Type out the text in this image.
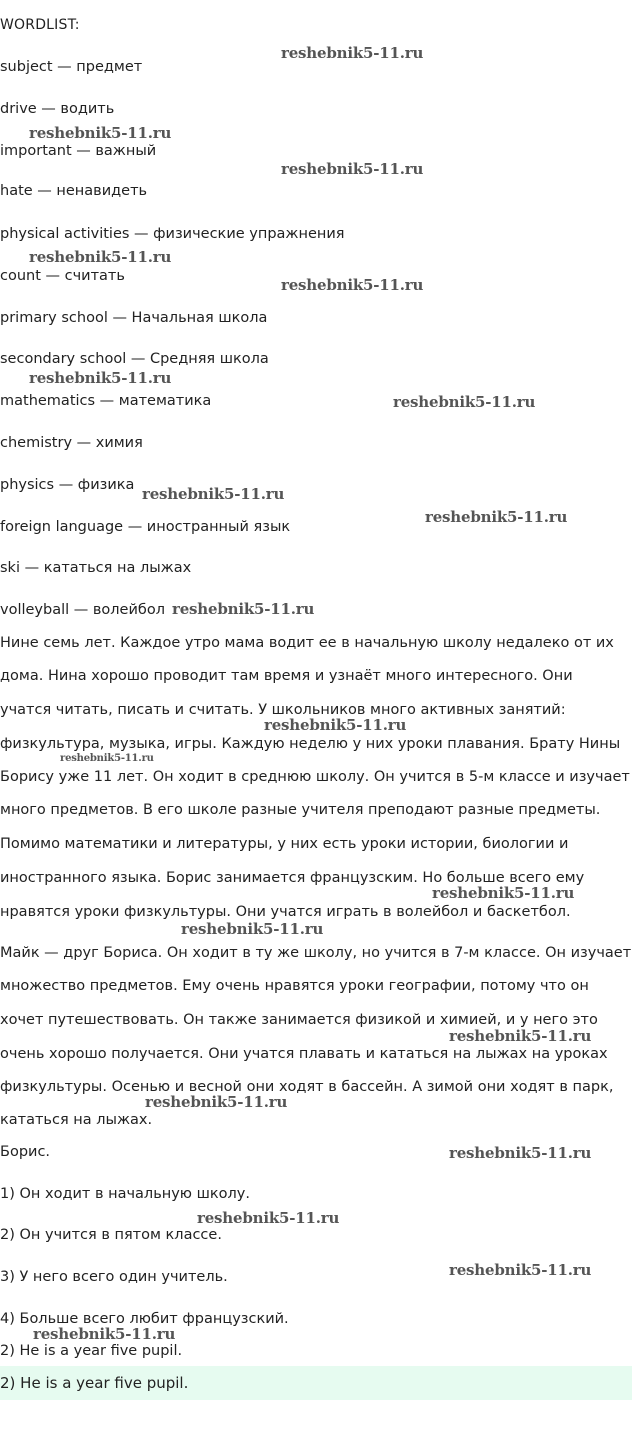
WORDLIST:
subject — предмет
drive — водить
important — важный
hate — ненавидеть
physical activities — физические упражнения
count — считать
primary school — Начальная школа
secondary school — Средняя школа
mathematics — математика
chemistry — химия
physics — физика
foreign language — иностранный язык
ski — кататься на лыжах
volleyball — волейбол
Нине семь лет. Каждое утро мама водит ее в начальную школу недалеко от их
дома. Нина хорошо проводит там время и узнаёт много интересного. Они
учатся читать, писать и считать. У школьников много активных занятий:
физкультура, музыка, игры. Каждую неделю у них уроки плавания. Брату Нины
Борису уже 11 лет. Он ходит в среднюю школу. Он учится в 5-м классе и изучает
много предметов. В его школе разные учителя преподают разные предметы.
Помимо математики и литературы, у них есть уроки истории, биологии и
иностранного языка. Борис занимается французским. Но больше всего ему
нравятся уроки физкультуры. Они учатся играть в волейбол и баскетбол.
Майк — друг Бориса. Он ходит в ту же школу, но учится в 7-м классе. Он изучает
множество предметов. Ему очень нравятся уроки географии, потому что он
хочет путешествовать. Он также занимается физикой и химией, и у него это
очень хорошо получается. Они учатся плавать и кататься на лыжах на уроках
физкультуры. Осенью и весной они ходят в бассейн. А зимой они ходят в парк,
кататься на лыжах.
Борис.
1) Он ходит в начальную школу.
2) Он учится в пятом классе.
3) У него всего один учитель.
4) Больше всего любит французский.
2) He is a year five pupil.
2) He is a year five pupil.
reshebnik5-11.ru
reshebnik5-11.ru
reshebnik5-11.ru
reshebnik5-11.ru
reshebnik5-11.ru
reshebnik5-11.ru
reshebnik5-11.ru
reshebnik5-11.ru
reshebnik5-11.ru
reshebnik5-11.ru
reshebnik5-11.ru
reshebnik5-11.ru
reshebnik5-11.ru
reshebnik5-11.ru
reshebnik5-11.ru
reshebnik5-11.ru
reshebnik5-11.ru
reshebnik5-11.ru
reshebnik5-11.ru
reshebnik5-11.ru
